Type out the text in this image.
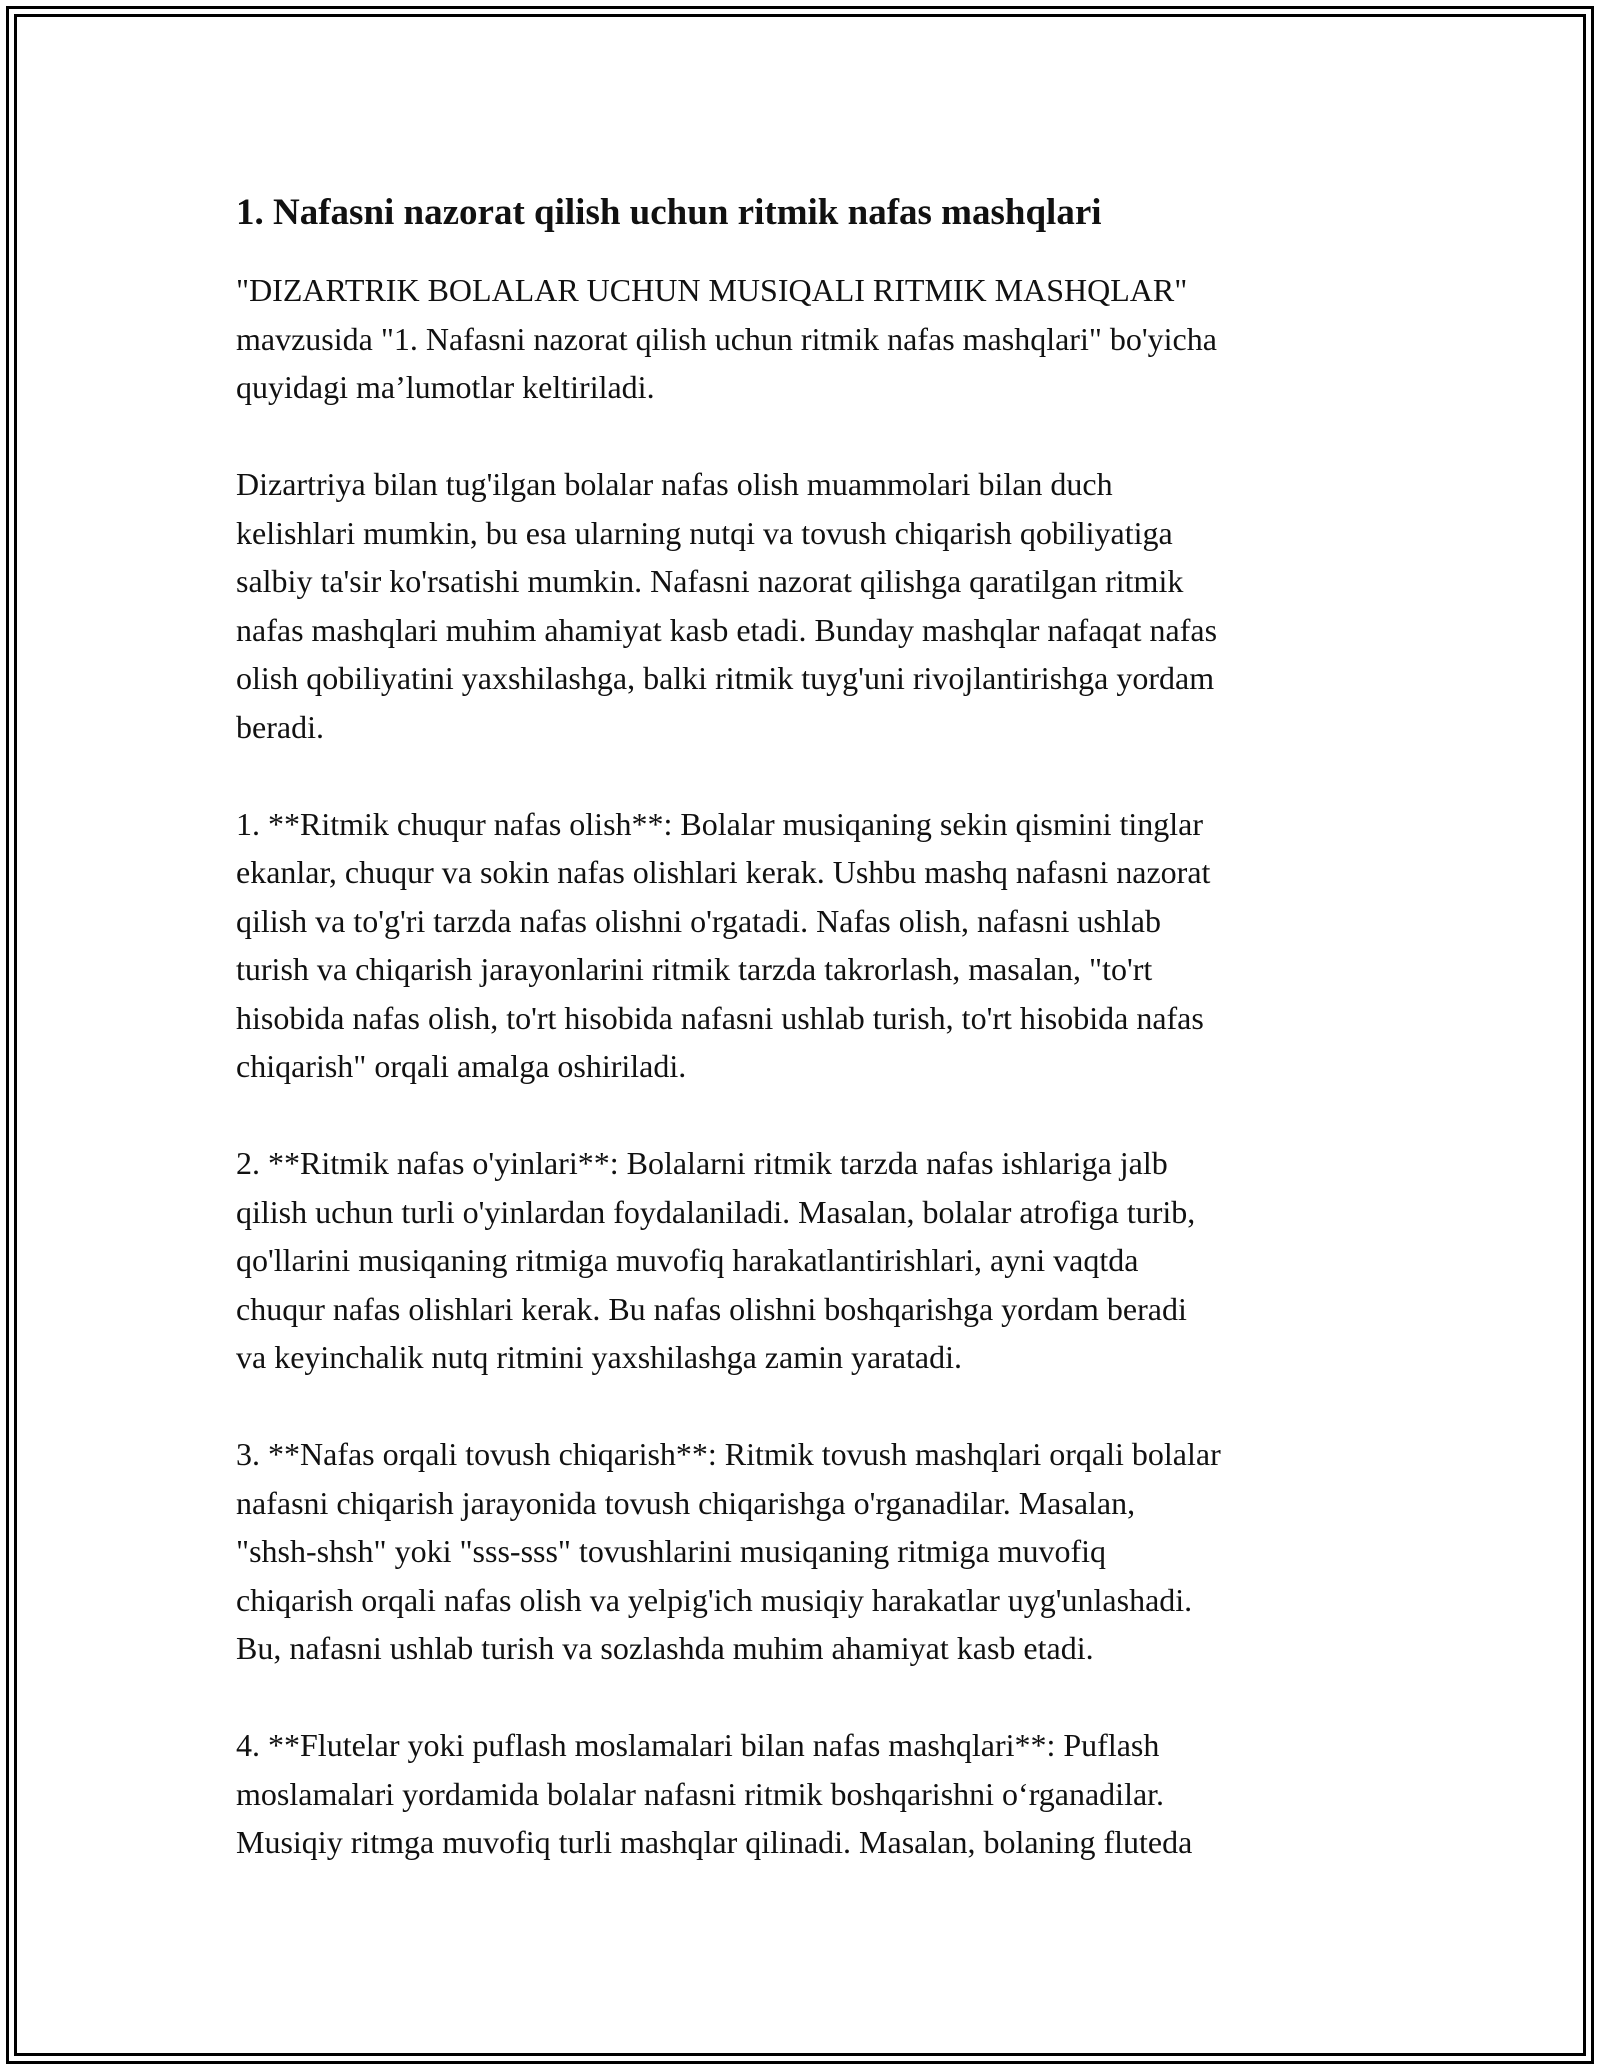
1. Nafasni nazorat qilish uchun ritmik nafas mashqlari
"DIZARTRIK BOLALAR UCHUN MUSIQALI RITMIK MASHQLAR"
mavzusida "1. Nafasni nazorat qilish uchun ritmik nafas mashqlari" bo'yicha
quyidagi ma’lumotlar keltiriladi.
Dizartriya bilan tug'ilgan bolalar nafas olish muammolari bilan duch
kelishlari mumkin, bu esa ularning nutqi va tovush chiqarish qobiliyatiga
salbiy ta'sir ko'rsatishi mumkin. Nafasni nazorat qilishga qaratilgan ritmik
nafas mashqlari muhim ahamiyat kasb etadi. Bunday mashqlar nafaqat nafas
olish qobiliyatini yaxshilashga, balki ritmik tuyg'uni rivojlantirishga yordam
beradi.
1. **Ritmik chuqur nafas olish**: Bolalar musiqaning sekin qismini tinglar
ekanlar, chuqur va sokin nafas olishlari kerak. Ushbu mashq nafasni nazorat
qilish va to'g'ri tarzda nafas olishni o'rgatadi. Nafas olish, nafasni ushlab
turish va chiqarish jarayonlarini ritmik tarzda takrorlash, masalan, "to'rt
hisobida nafas olish, to'rt hisobida nafasni ushlab turish, to'rt hisobida nafas
chiqarish" orqali amalga oshiriladi.
2. **Ritmik nafas o'yinlari**: Bolalarni ritmik tarzda nafas ishlariga jalb
qilish uchun turli o'yinlardan foydalaniladi. Masalan, bolalar atrofiga turib,
qo'llarini musiqaning ritmiga muvofiq harakatlantirishlari, ayni vaqtda
chuqur nafas olishlari kerak. Bu nafas olishni boshqarishga yordam beradi
va keyinchalik nutq ritmini yaxshilashga zamin yaratadi.
3. **Nafas orqali tovush chiqarish**: Ritmik tovush mashqlari orqali bolalar
nafasni chiqarish jarayonida tovush chiqarishga o'rganadilar. Masalan,
"shsh-shsh" yoki "sss-sss" tovushlarini musiqaning ritmiga muvofiq
chiqarish orqali nafas olish va yelpig'ich musiqiy harakatlar uyg'unlashadi.
Bu, nafasni ushlab turish va sozlashda muhim ahamiyat kasb etadi.
4. **Flutelar yoki puflash moslamalari bilan nafas mashqlari**: Puflash
moslamalari yordamida bolalar nafasni ritmik boshqarishni o‘rganadilar.
Musiqiy ritmga muvofiq turli mashqlar qilinadi. Masalan, bolaning fluteda
